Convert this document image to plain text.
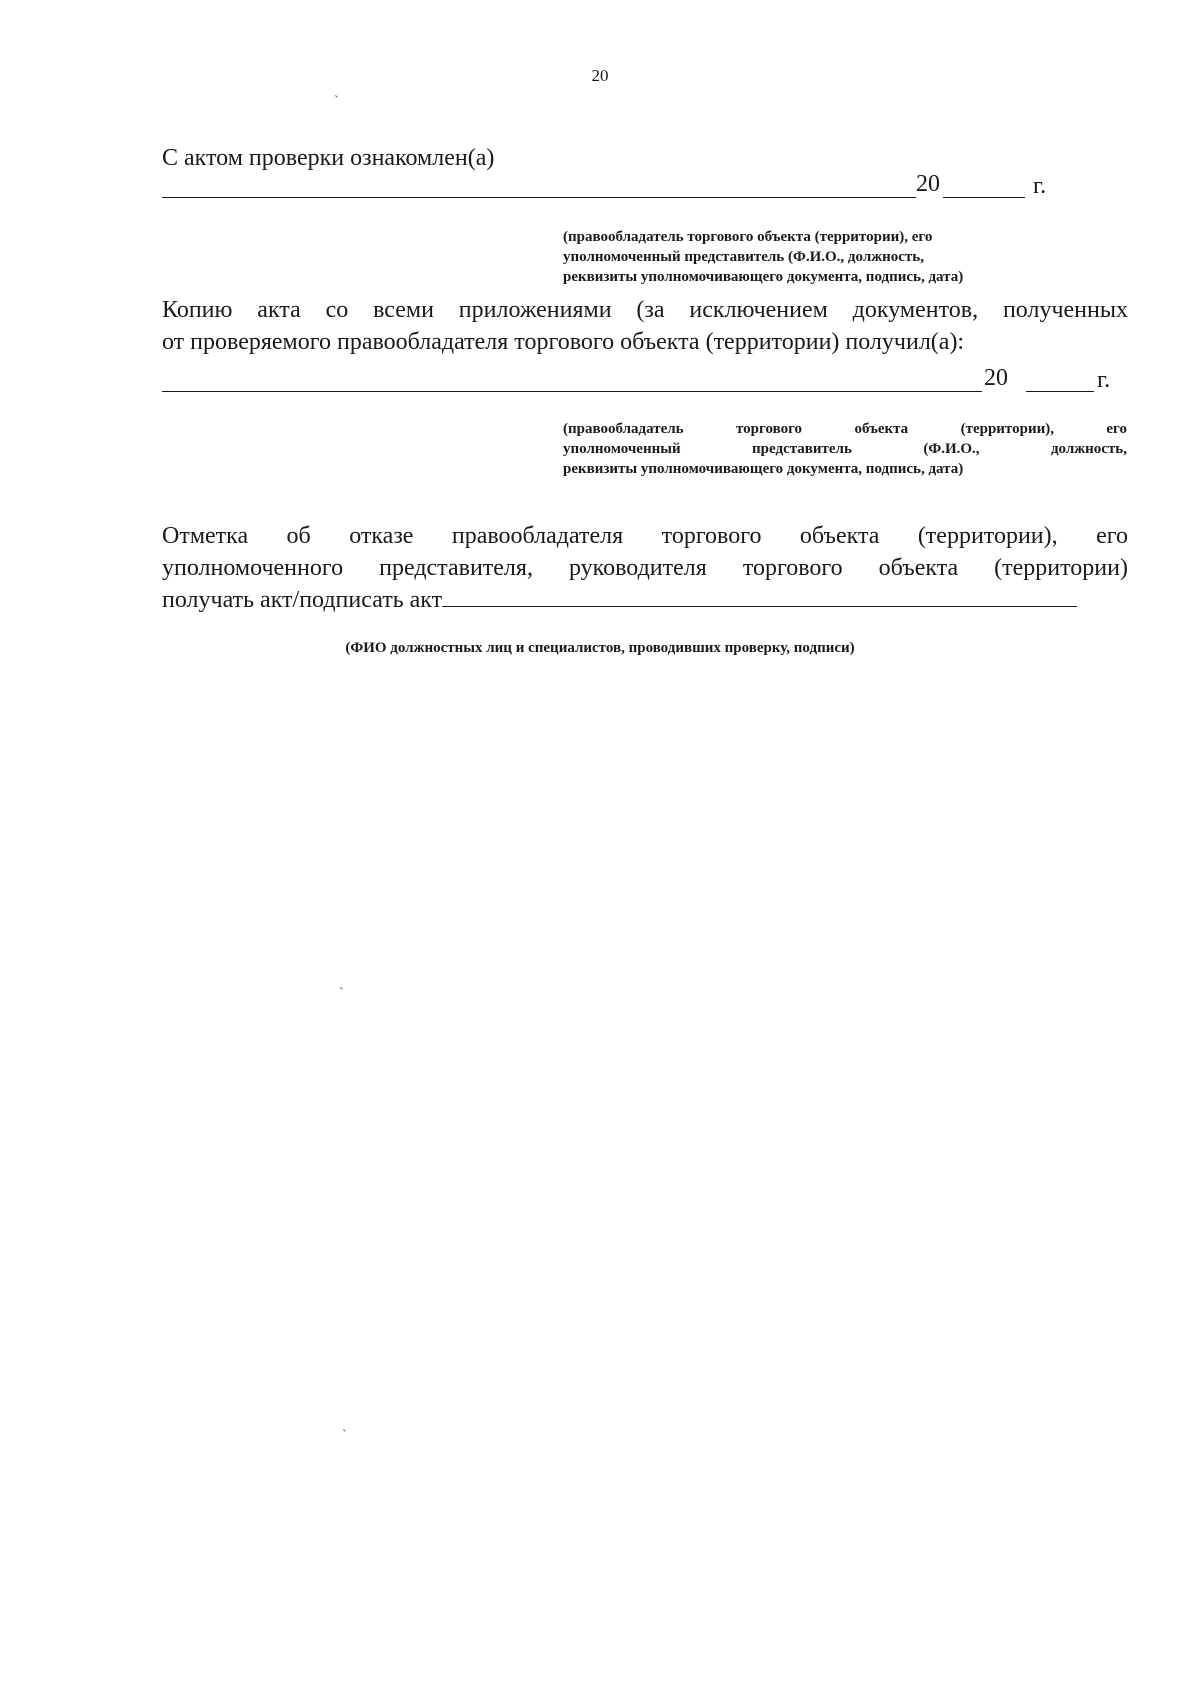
20
С актом проверки ознакомлен(а)
20	г.
(правообладатель торгового объекта (территории), его
уполномоченный представитель (Ф.И.О., должность,
реквизиты уполномочивающего документа, подпись, дата)
Копию акта со всеми приложениями (за исключением документов, полученных
от проверяемого правообладателя торгового объекта (территории) получил(а):
20	г.
(правообладатель торгового объекта (территории), его
уполномоченный представитель (Ф.И.О., должность,
реквизиты уполномочивающего документа, подпись, дата)
Отметка об отказе правообладателя торгового объекта (территории), его
уполномоченного представителя, руководителя торгового объекта (территории)
получать акт/подписать акт
(ФИО должностных лиц и специалистов, проводивших проверку, подписи)
ˋ
ˋ
ˋ
